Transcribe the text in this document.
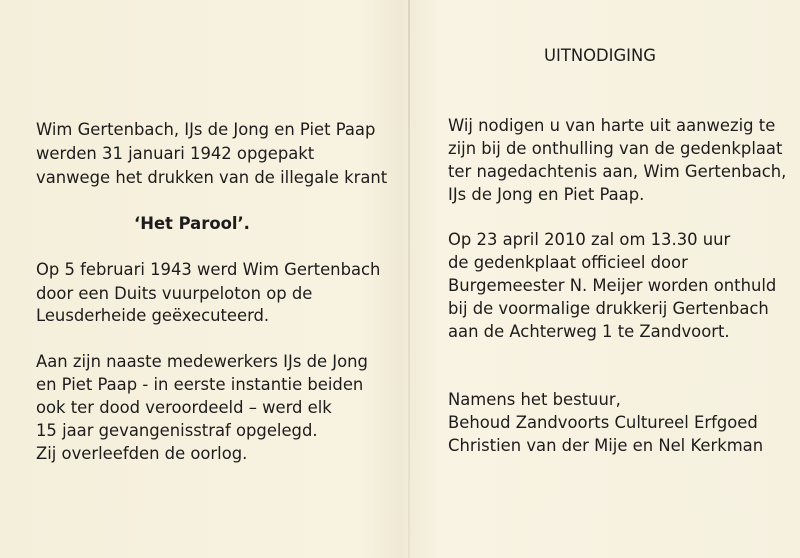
Wim Gertenbach, IJs de Jong en Piet Paap
werden 31 januari 1942 opgepakt
vanwege het drukken van de illegale krant
‘Het Parool’.
Op 5 februari 1943 werd Wim Gertenbach
door een Duits vuurpeloton op de
Leusderheide geëxecuteerd.
Aan zijn naaste medewerkers IJs de Jong
en Piet Paap - in eerste instantie beiden
ook ter dood veroordeeld – werd elk
15 jaar gevangenisstraf opgelegd.
Zij overleefden de oorlog.
UITNODIGING
Wij nodigen u van harte uit aanwezig te
zijn bij de onthulling van de gedenkplaat
ter nagedachtenis aan, Wim Gertenbach,
IJs de Jong en Piet Paap.
Op 23 april 2010 zal om 13.30 uur
de gedenkplaat officieel door
Burgemeester N. Meijer worden onthuld
bij de voormalige drukkerij Gertenbach
aan de Achterweg 1 te Zandvoort.
Namens het bestuur,
Behoud Zandvoorts Cultureel Erfgoed
Christien van der Mije en Nel Kerkman
